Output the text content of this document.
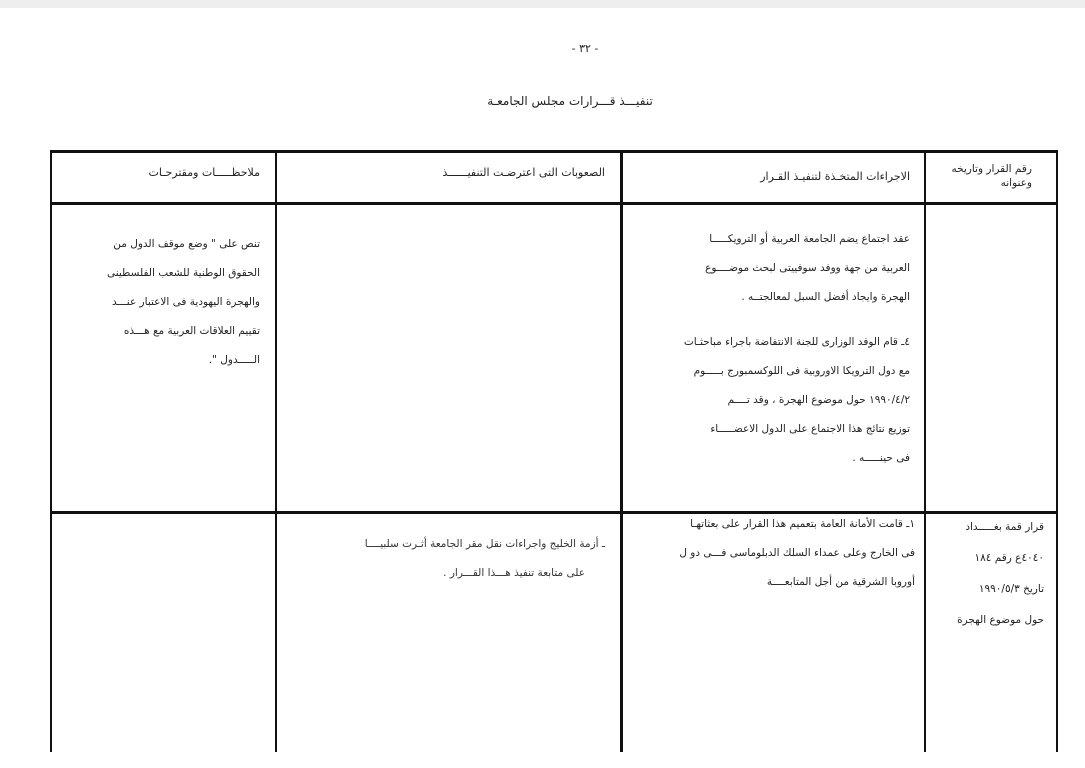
- ٣٢ -
تنفيـــذ قـــرارات مجلس الجامعـة
رقم القرار وتاريخه وعنوانه
الاجراءات المتخـذة لتنفيـذ القـرار
الصعوبات التى اعترضـت التنفيــــــذ
ملاحظـــــات ومقترحـات
عقد اجتماع يضم الجامعة العربية أو الترويكـــــا
العربية من جهة ووفد سوفييتى لبحث موضــــوع
الهجرة وايجاد أفضل السبل لمعالجتــه .
٤ـ قام الوفد الوزارى للجنة الانتفاضة باجراء مباحثـات
مع دول الترويكا الاوروبية فى اللوكسمبورج بـــــوم
١٩٩٠/٤/٢ حول موضوع الهجرة ، وقد تــــم
توزيع نتائج هذا الاجتماع على الدول الاعضـــــاء
فى حينـــــه .
تنص على " وضع موقف الدول من
الحقوق الوطنية للشعب الفلسطينى
والهجرة اليهودية فى الاعتبار عنـــد
تقييم العلاقات العربية مع هـــذه
الـــــدول ".
قرار قمة بغـــــداد
٤٠٤٠ع رقم ١٨٤
تاريخ ١٩٩٠/٥/٣
حول موضوع الهجرة
١ـ قامت الأمانة العامة بتعميم هذا القرار على بعثاتهـا
فى الخارج وعلى عمداء السلك الدبلوماسى فـــى دو ل
أوروبا الشرقية من أجل المتابعــــة
ـ أزمة الخليج واجراءات نقل مقر الجامعة أثـرت سلبيــــا
على متابعة تنفيذ هـــذا القـــرار .
